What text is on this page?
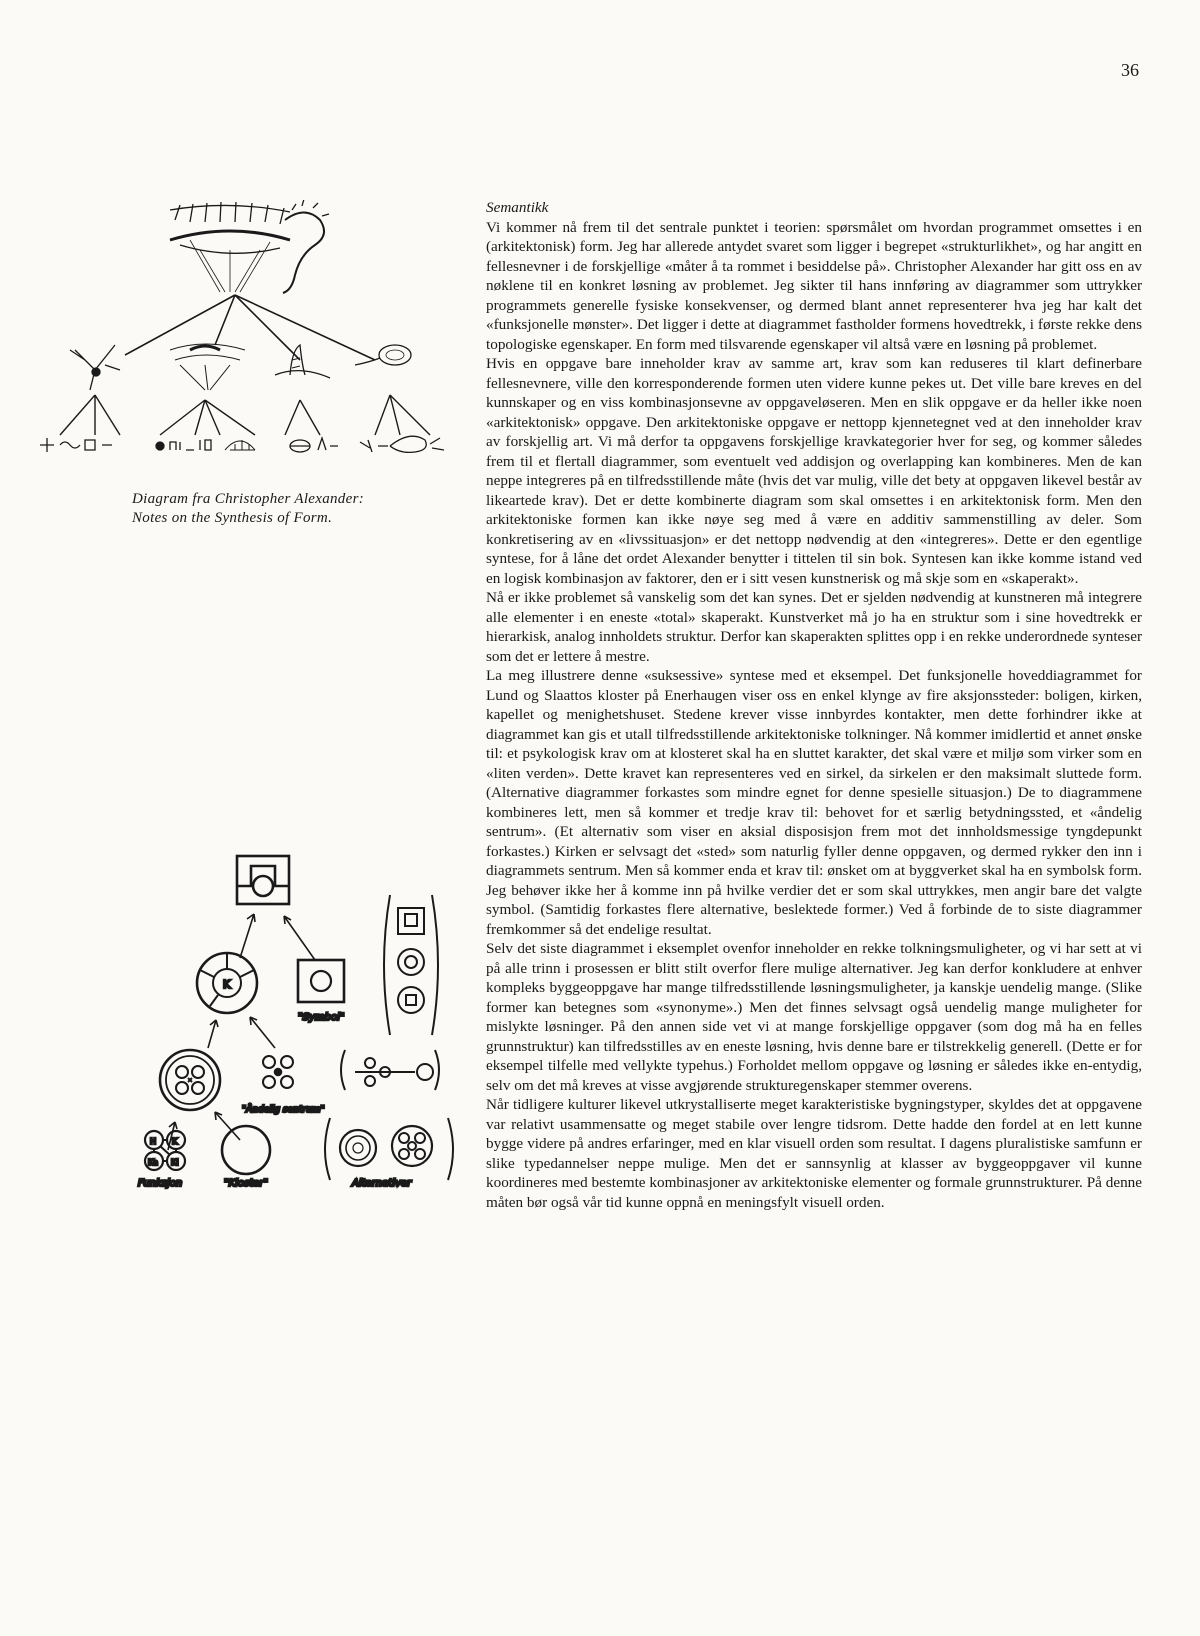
36
Diagram fra Christopher Alexander:
Notes on the Synthesis of Form.
K
"Symbol"
"Åndelig sentrum"
H K
Ka Kl
Funksjon	"Kloster"	Alternativer

Semantikk

Vi kommer nå frem til det sentrale punktet i teorien: spørsmålet om hvordan programmet omsettes i en (arkitektonisk) form. Jeg har allerede antydet svaret som ligger i begrepet «strukturlikhet», og har angitt en fellesnevner i de forskjellige «måter å ta rommet i besiddelse på». Christopher Alexander har gitt oss en av nøklene til en konkret løsning av problemet. Jeg sikter til hans innføring av diagrammer som uttrykker programmets generelle fysiske konsekvenser, og dermed blant annet representerer hva jeg har kalt det «funksjonelle mønster». Det ligger i dette at diagrammet fastholder formens hovedtrekk, i første rekke dens topologiske egenskaper. En form med tilsvarende egenskaper vil altså være en løsning på problemet.

Hvis en oppgave bare inneholder krav av samme art, krav som kan reduseres til klart definerbare fellesnevnere, ville den korresponderende formen uten videre kunne pekes ut. Det ville bare kreves en del kunnskaper og en viss kombinasjonsevne av oppgaveløseren. Men en slik oppgave er da heller ikke noen «arkitektonisk» oppgave. Den arkitektoniske oppgave er nettopp kjennetegnet ved at den inneholder krav av forskjellig art. Vi må derfor ta oppgavens forskjellige kravkategorier hver for seg, og kommer således frem til et flertall diagrammer, som eventuelt ved addisjon og overlapping kan kombineres. Men de kan neppe integreres på en tilfredsstillende måte (hvis det var mulig, ville det bety at oppgaven likevel består av likeartede krav). Det er dette kombinerte diagram som skal omsettes i en arkitektonisk form. Men den arkitektoniske formen kan ikke nøye seg med å være en additiv sammenstilling av deler. Som konkretisering av en «livssituasjon» er det nettopp nødvendig at den «integreres». Dette er den egentlige syntese, for å låne det ordet Alexander benytter i tittelen til sin bok. Syntesen kan ikke komme istand ved en logisk kombinasjon av faktorer, den er i sitt vesen kunstnerisk og må skje som en «skaperakt».

Nå er ikke problemet så vanskelig som det kan synes. Det er sjelden nødvendig at kunstneren må integrere alle elementer i en eneste «total» skaperakt. Kunstverket må jo ha en struktur som i sine hovedtrekk er hierarkisk, analog innholdets struktur. Derfor kan skaperakten splittes opp i en rekke underordnede synteser som det er lettere å mestre.

La meg illustrere denne «suksessive» syntese med et eksempel. Det funksjonelle hoveddiagrammet for Lund og Slaattos kloster på Enerhaugen viser oss en enkel klynge av fire aksjonssteder: boligen, kirken, kapellet og menighetshuset. Stedene krever visse innbyrdes kontakter, men dette forhindrer ikke at diagrammet kan gis et utall tilfredsstillende arkitektoniske tolkninger. Nå kommer imidlertid et annet ønske til: et psykologisk krav om at klosteret skal ha en sluttet karakter, det skal være et miljø som virker som en «liten verden». Dette kravet kan representeres ved en sirkel, da sirkelen er den maksimalt sluttede form. (Alternative diagrammer forkastes som mindre egnet for denne spesielle situasjon.) De to diagrammene kombineres lett, men så kommer et tredje krav til: behovet for et særlig betydningssted, et «åndelig sentrum». (Et alternativ som viser en aksial disposisjon frem mot det innholdsmessige tyngdepunkt forkastes.) Kirken er selvsagt det «sted» som naturlig fyller denne oppgaven, og dermed rykker den inn i diagrammets sentrum. Men så kommer enda et krav til: ønsket om at byggverket skal ha en symbolsk form. Jeg behøver ikke her å komme inn på hvilke verdier det er som skal uttrykkes, men angir bare det valgte symbol. (Samtidig forkastes flere alternative, beslektede former.) Ved å forbinde de to siste diagrammer fremkommer så det endelige resultat.

Selv det siste diagrammet i eksemplet ovenfor inneholder en rekke tolkningsmuligheter, og vi har sett at vi på alle trinn i prosessen er blitt stilt overfor flere mulige alternativer. Jeg kan derfor konkludere at enhver kompleks byggeoppgave har mange tilfredsstillende løsningsmuligheter, ja kanskje uendelig mange. (Slike former kan betegnes som «synonyme».) Men det finnes selvsagt også uendelig mange muligheter for mislykte løsninger. På den annen side vet vi at mange forskjellige oppgaver (som dog må ha en felles grunnstruktur) kan tilfredsstilles av en eneste løsning, hvis denne bare er tilstrekkelig generell. (Dette er for eksempel tilfelle med vellykte typehus.) Forholdet mellom oppgave og løsning er således ikke en-entydig, selv om det må kreves at visse avgjørende strukturegenskaper stemmer overens.

Når tidligere kulturer likevel utkrystalliserte meget karakteristiske bygningstyper, skyldes det at oppgavene var relativt usammensatte og meget stabile over lengre tidsrom. Dette hadde den fordel at en lett kunne bygge videre på andres erfaringer, med en klar visuell orden som resultat. I dagens pluralistiske samfunn er slike typedannelser neppe mulige. Men det er sannsynlig at klasser av byggeoppgaver vil kunne koordineres med bestemte kombinasjoner av arkitektoniske elementer og formale grunnstrukturer. På denne måten bør også vår tid kunne oppnå en meningsfylt visuell orden.
